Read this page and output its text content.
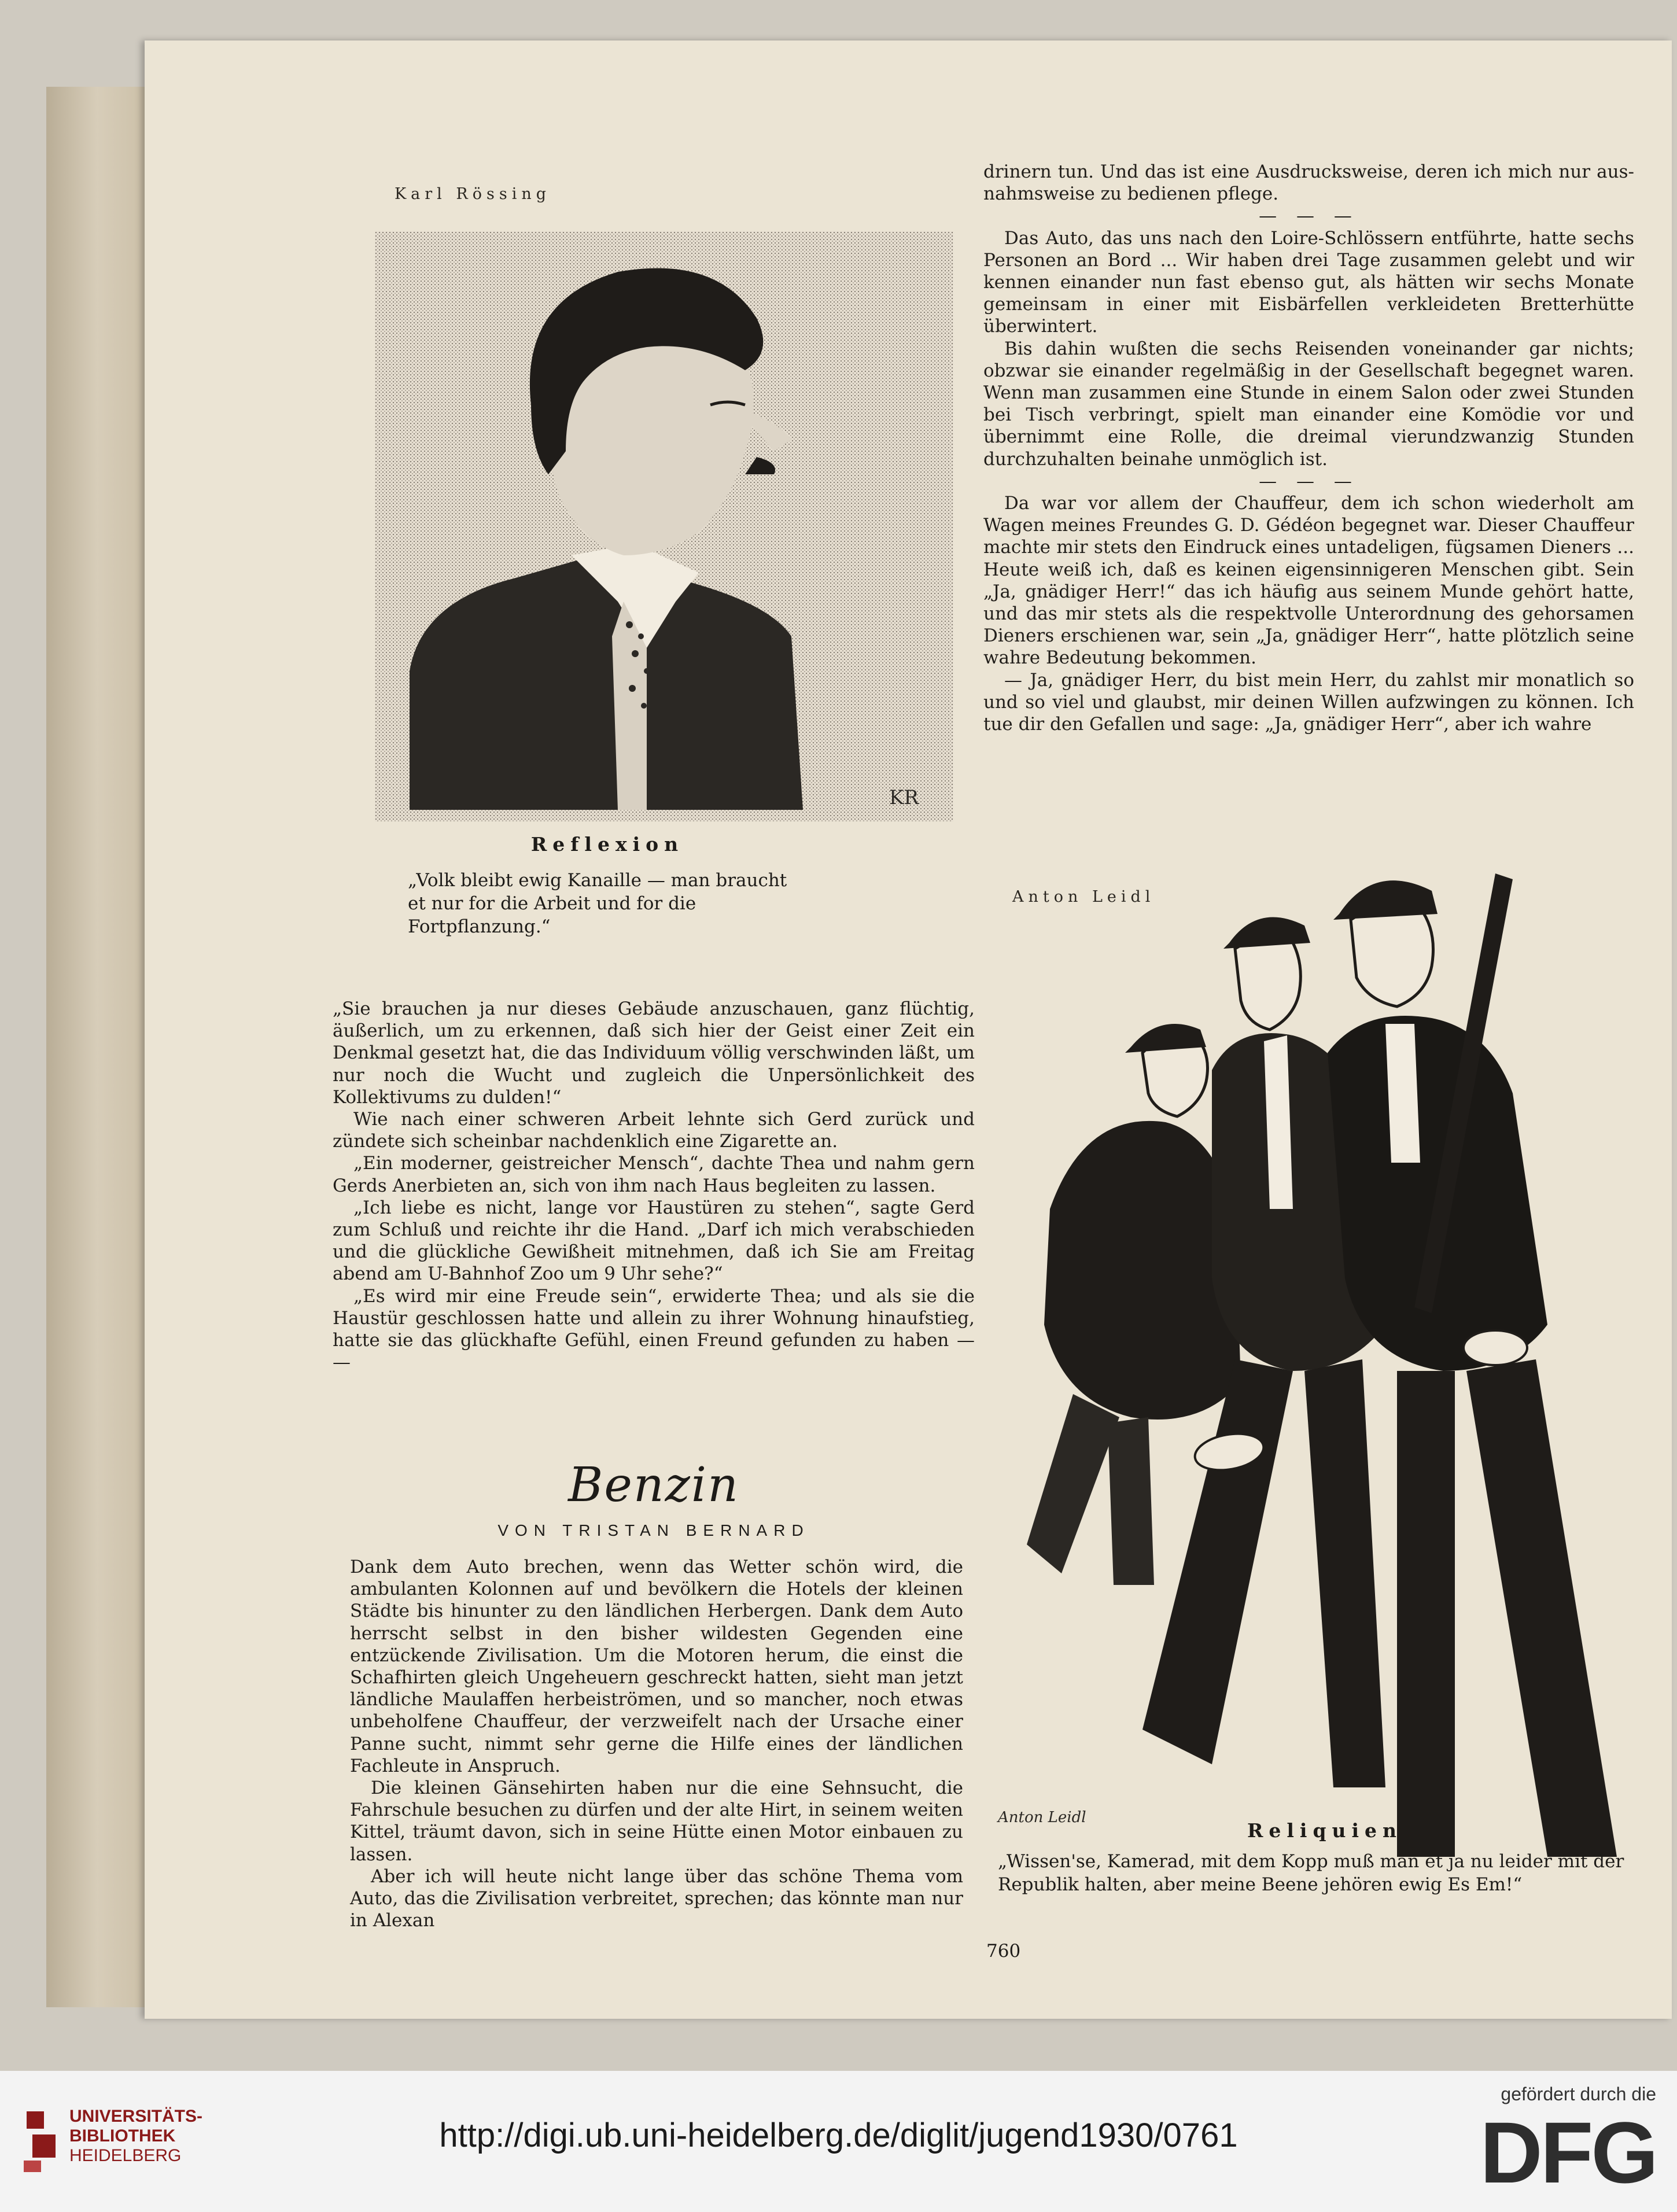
Karl Rössing
KR
Reflexion
„Volk bleibt ewig Kanaille — man braucht et nur for die Arbeit und for die Fortpflanzung.“

drinern tun. Und das ist eine Ausdrucksweise, deren ich mich nur ausnahmsweise zu bedienen pflege.

— — —

Das Auto, das uns nach den Loire-Schlössern entführte, hatte sechs Personen an Bord ... Wir haben drei Tage zusammen gelebt und wir kennen einander nun fast ebenso gut, als hätten wir sechs Monate gemeinsam in einer mit Eisbärfellen verkleideten Bretterhütte überwintert.

Bis dahin wußten die sechs Reisenden voneinander gar nichts; obzwar sie einander regelmäßig in der Gesellschaft begegnet waren. Wenn man zusammen eine Stunde in einem Salon oder zwei Stunden bei Tisch verbringt, spielt man einander eine Komödie vor und übernimmt eine Rolle, die dreimal vierundzwanzig Stunden durchzuhalten beinahe unmöglich ist.

— — —

Da war vor allem der Chauffeur, dem ich schon wiederholt am Wagen meines Freundes G. D. Gédéon begegnet war. Dieser Chauffeur machte mir stets den Eindruck eines untadeligen, fügsamen Dieners ... Heute weiß ich, daß es keinen eigensinnigeren Menschen gibt. Sein „Ja, gnädiger Herr!“ das ich häufig aus seinem Munde gehört hatte, und das mir stets als die respektvolle Unterordnung des gehorsamen Dieners erschienen war, sein „Ja, gnädiger Herr“, hatte plötzlich seine wahre Bedeutung bekommen.

— Ja, gnädiger Herr, du bist mein Herr, du zahlst mir monatlich so und so viel und glaubst, mir deinen Willen aufzwingen zu können. Ich tue dir den Gefallen und sage: „Ja, gnädiger Herr“, aber ich wahre

Anton Leidl
Anton Leidl

„Sie brauchen ja nur dieses Gebäude anzuschauen, ganz flüchtig, äußerlich, um zu erkennen, daß sich hier der Geist einer Zeit ein Denkmal gesetzt hat, die das Individuum völlig verschwinden läßt, um nur noch die Wucht und zugleich die Unpersönlichkeit des Kollektivums zu dulden!“

Wie nach einer schweren Arbeit lehnte sich Gerd zurück und zündete sich scheinbar nachdenklich eine Zigarette an.

„Ein moderner, geistreicher Mensch“, dachte Thea und nahm gern Gerds Anerbieten an, sich von ihm nach Haus begleiten zu lassen.

„Ich liebe es nicht, lange vor Haustüren zu stehen“, sagte Gerd zum Schluß und reichte ihr die Hand. „Darf ich mich verabschieden und die glückliche Gewißheit mitnehmen, daß ich Sie am Freitag abend am U-Bahnhof Zoo um 9 Uhr sehe?“

„Es wird mir eine Freude sein“, erwiderte Thea; und als sie die Haustür geschlossen hatte und allein zu ihrer Wohnung hinaufstieg, hatte sie das glückhafte Gefühl, einen Freund gefunden zu haben — —

Benzin
VON TRISTAN BERNARD

Dank dem Auto brechen, wenn das Wetter schön wird, die ambulanten Kolonnen auf und bevölkern die Hotels der kleinen Städte bis hinunter zu den ländlichen Herbergen. Dank dem Auto herrscht selbst in den bisher wildesten Gegenden eine entzückende Zivilisation. Um die Motoren herum, die einst die Schafhirten gleich Ungeheuern geschreckt hatten, sieht man jetzt ländliche Maulaffen herbeiströmen, und so mancher, noch etwas unbeholfene Chauffeur, der verzweifelt nach der Ursache einer Panne sucht, nimmt sehr gerne die Hilfe eines der ländlichen Fachleute in Anspruch.

Die kleinen Gänsehirten haben nur die eine Sehnsucht, die Fahrschule besuchen zu dürfen und der alte Hirt, in seinem weiten Kittel, träumt davon, sich in seine Hütte einen Motor einbauen zu lassen.

Aber ich will heute nicht lange über das schöne Thema vom Auto, das die Zivilisation verbreitet, sprechen; das könnte man nur in Alexan

Reliquien
„Wissen'se, Kamerad, mit dem Kopp muß man et ja nu leider mit der Republik halten, aber meine Beene jehören ewig Es Em!“
760
UNIVERSITÄTS-
BIBLIOTHEK
HEIDELBERG
http://digi.ub.uni-heidelberg.de/diglit/jugend1930/0761
gefördert durch die
DFG
